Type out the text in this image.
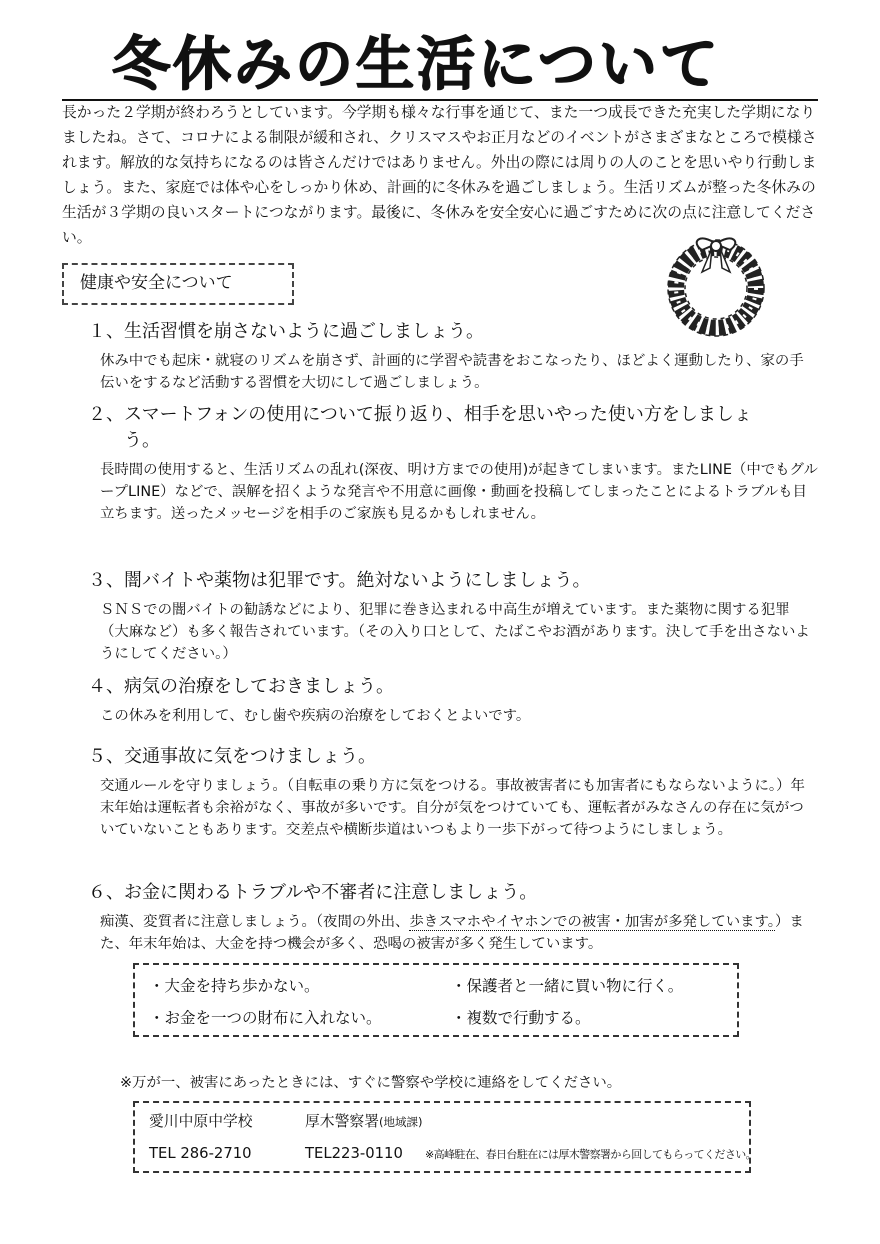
冬休みの生活について
長かった２学期が終わろうとしています。今学期も様々な行事を通じて、また一つ成長できた充実した学期になりましたね。さて、コロナによる制限が緩和され、クリスマスやお正月などのイベントがさまざまなところで模様されます。解放的な気持ちになるのは皆さんだけではありません。外出の際には周りの人のことを思いやり行動しましょう。また、家庭では体や心をしっかり休め、計画的に冬休みを過ごしましょう。生活リズムが整った冬休みの生活が３学期の良いスタートにつながります。最後に、冬休みを安全安心に過ごすために次の点に注意してください。
健康や安全について
１、生活習慣を崩さないように過ごしましょう。

休み中でも起床・就寝のリズムを崩さず、計画的に学習や読書をおこなったり、ほどよく運動したり、家の手伝いをするなど活動する習慣を大切にして過ごしましょう。

２、 スマートフォンの使用について振り返り、相手を思いやった使い方をしましょう。

長時間の使用すると、生活リズムの乱れ(深夜、明け方までの使用)が起きてしまいます。またLINE（中でもグループLINE）などで、誤解を招くような発言や不用意に画像・動画を投稿してしまったことによるトラブルも目立ちます。送ったメッセージを相手のご家族も見るかもしれません。

３、闇バイトや薬物は犯罪です。絶対ないようにしましょう。

ＳＮＳでの闇バイトの勧誘などにより、犯罪に巻き込まれる中高生が増えています。また薬物に関する犯罪（大麻など）も多く報告されています。（その入り口として、たばこやお酒があります。決して手を出さないようにしてください。）

４、病気の治療をしておきましょう。

この休みを利用して、むし歯や疾病の治療をしておくとよいです。

５、交通事故に気をつけましょう。

交通ルールを守りましょう。（自転車の乗り方に気をつける。事故被害者にも加害者にもならないように。）年末年始は運転者も余裕がなく、事故が多いです。自分が気をつけていても、運転者がみなさんの存在に気がついていないこともあります。交差点や横断歩道はいつもより一歩下がって待つようにしましょう。

６、お金に関わるトラブルや不審者に注意しましょう。

痴漢、変質者に注意しましょう。（夜間の外出、歩きスマホやイヤホンでの被害・加害が多発しています。）また、年末年始は、大金を持つ機会が多く、恐喝の被害が多く発生しています。

・大金を持ち歩かない。	・保護者と一緒に買い物に行く。
・お金を一つの財布に入れない。	・複数で行動する。
※万が一、被害にあったときには、すぐに警察や学校に連絡をしてください。
愛川中原中学校	厚木警察署(地域課)
TEL 286-2710	TEL223-0110 ※高峰駐在、春日台駐在には厚木警察署から回してもらってください。
